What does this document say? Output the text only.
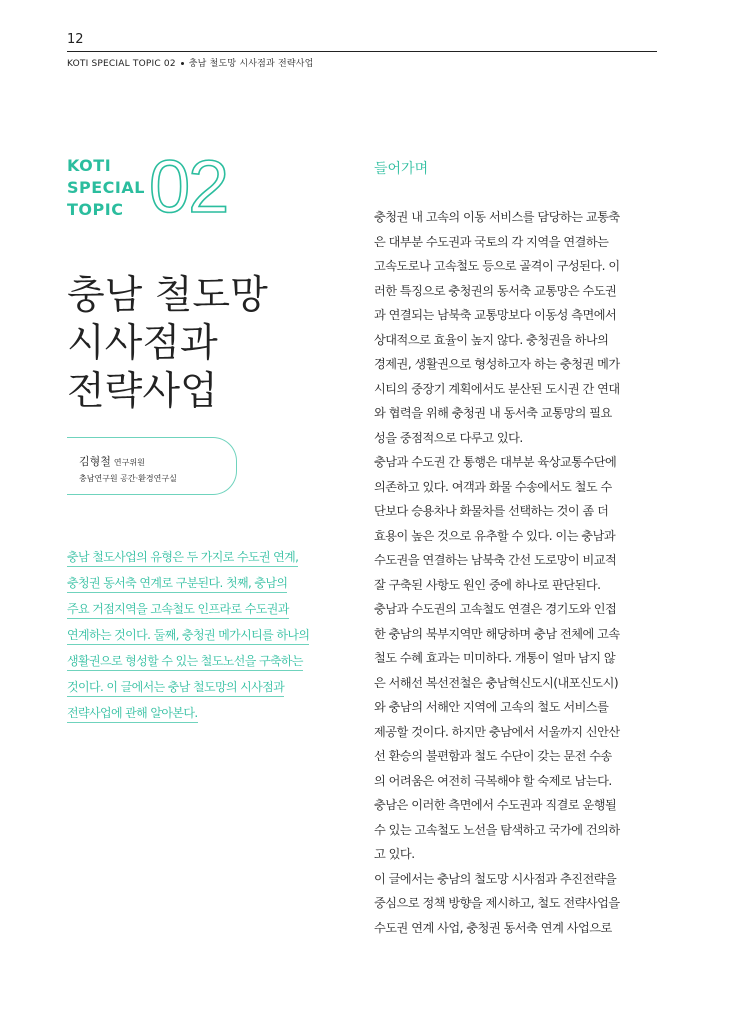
12
KOTI SPECIAL TOPIC 02 충남 철도망 시사점과 전략사업
KOTI
SPECIAL
TOPIC 02
충남 철도망
시사점과
전략사업
김형철 연구위원
충남연구원 공간·환경연구실
충남 철도사업의 유형은 두 가지로 수도권 연계,
충청권 동서축 연계로 구분된다. 첫째, 충남의
주요 거점지역을 고속철도 인프라로 수도권과
연계하는 것이다. 둘째, 충청권 메가시티를 하나의
생활권으로 형성할 수 있는 철도노선을 구축하는
것이다. 이 글에서는 충남 철도망의 시사점과
전략사업에 관해 알아본다.
들어가며
충청권 내 고속의 이동 서비스를 담당하는 교통축
은 대부분 수도권과 국토의 각 지역을 연결하는
고속도로나 고속철도 등으로 골격이 구성된다. 이
러한 특징으로 충청권의 동서축 교통망은 수도권
과 연결되는 남북축 교통망보다 이동성 측면에서
상대적으로 효율이 높지 않다. 충청권을 하나의
경제권, 생활권으로 형성하고자 하는 충청권 메가
시티의 중장기 계획에서도 분산된 도시권 간 연대
와 협력을 위해 충청권 내 동서축 교통망의 필요
성을 중점적으로 다루고 있다.
충남과 수도권 간 통행은 대부분 육상교통수단에
의존하고 있다. 여객과 화물 수송에서도 철도 수
단보다 승용차나 화물차를 선택하는 것이 좀 더
효용이 높은 것으로 유추할 수 있다. 이는 충남과
수도권을 연결하는 남북축 간선 도로망이 비교적
잘 구축된 사항도 원인 중에 하나로 판단된다.
충남과 수도권의 고속철도 연결은 경기도와 인접
한 충남의 북부지역만 해당하며 충남 전체에 고속
철도 수혜 효과는 미미하다. 개통이 얼마 남지 않
은 서해선 복선전철은 충남혁신도시(내포신도시)
와 충남의 서해안 지역에 고속의 철도 서비스를
제공할 것이다. 하지만 충남에서 서울까지 신안산
선 환승의 불편함과 철도 수단이 갖는 문전 수송
의 어려움은 여전히 극복해야 할 숙제로 남는다.
충남은 이러한 측면에서 수도권과 직결로 운행될
수 있는 고속철도 노선을 탐색하고 국가에 건의하
고 있다.
이 글에서는 충남의 철도망 시사점과 추진전략을
중심으로 정책 방향을 제시하고, 철도 전략사업을
수도권 연계 사업, 충청권 동서축 연계 사업으로
